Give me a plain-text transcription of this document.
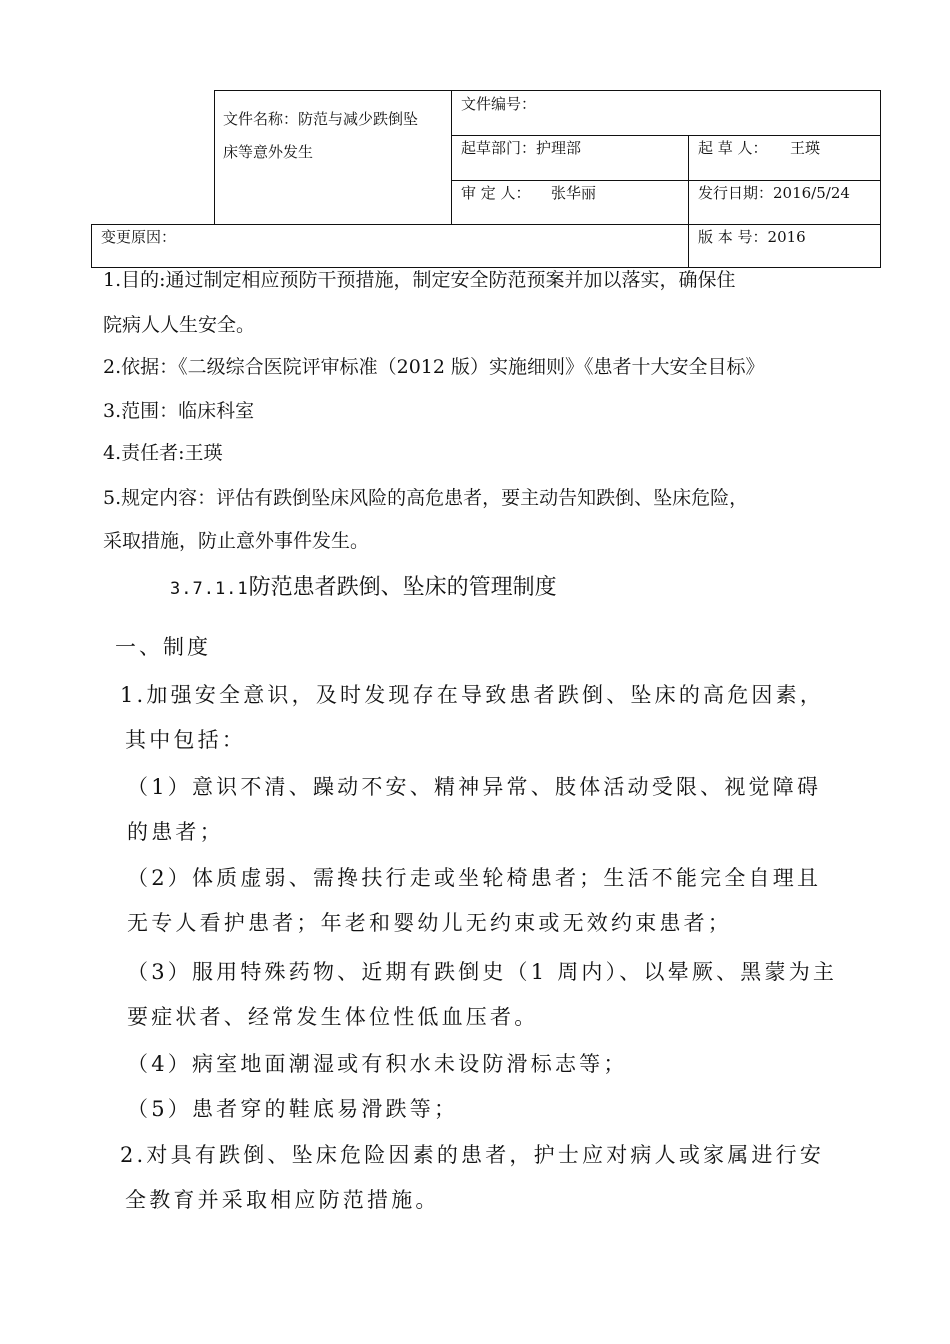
文件名称：防范与减少跌倒坠
床等意外发生
文件编号：
起草部门：护理部	起 草 人： 王瑛
审 定 人： 张华丽	发行日期：2016/5/24
变更原因：	版 本 号：2016
1.目的:通过制定相应预防干预措施，制定安全防范预案并加以落实，确保住
院病人人生安全。
2.依据：《二级综合医院评审标准（2012 版）实施细则》《患者十大安全目标》
3.范围：临床科室
4.责任者:王瑛
5.规定内容：评估有跌倒坠床风险的高危患者，要主动告知跌倒、坠床危险，
采取措施，防止意外事件发生。
3.7.1.1防范患者跌倒、坠床的管理制度
一、制度
1.加强安全意识，及时发现存在导致患者跌倒、坠床的高危因素，
其中包括：
（1）意识不清、躁动不安、精神异常、肢体活动受限、视觉障碍
的患者；
（2）体质虚弱、需搀扶行走或坐轮椅患者；生活不能完全自理且
无专人看护患者；年老和婴幼儿无约束或无效约束患者；
（3）服用特殊药物、近期有跌倒史（1 周内）、以晕厥、黑蒙为主
要症状者、经常发生体位性低血压者。
（4）病室地面潮湿或有积水未设防滑标志等；
（5）患者穿的鞋底易滑跌等；
2.对具有跌倒、坠床危险因素的患者，护士应对病人或家属进行安
全教育并采取相应防范措施。
